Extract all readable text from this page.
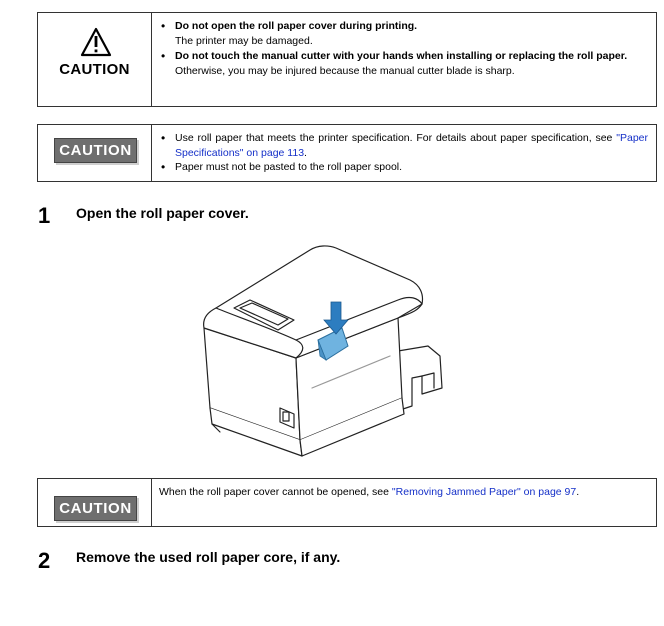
CAUTION
• Do not open the roll paper cover during printing.
The printer may be damaged.
• Do not touch the manual cutter with your hands when installing or replacing the roll paper.
Otherwise, you may be injured because the manual cutter blade is sharp.
CAUTION
• Use roll paper that meets the printer specification. For details about paper specification, see "Paper Specifications" on page 113.
• Paper must not be pasted to the roll paper spool.
1 Open the roll paper cover.
CAUTION
When the roll paper cover cannot be opened, see "Removing Jammed Paper" on page 97.
2 Remove the used roll paper core, if any.
